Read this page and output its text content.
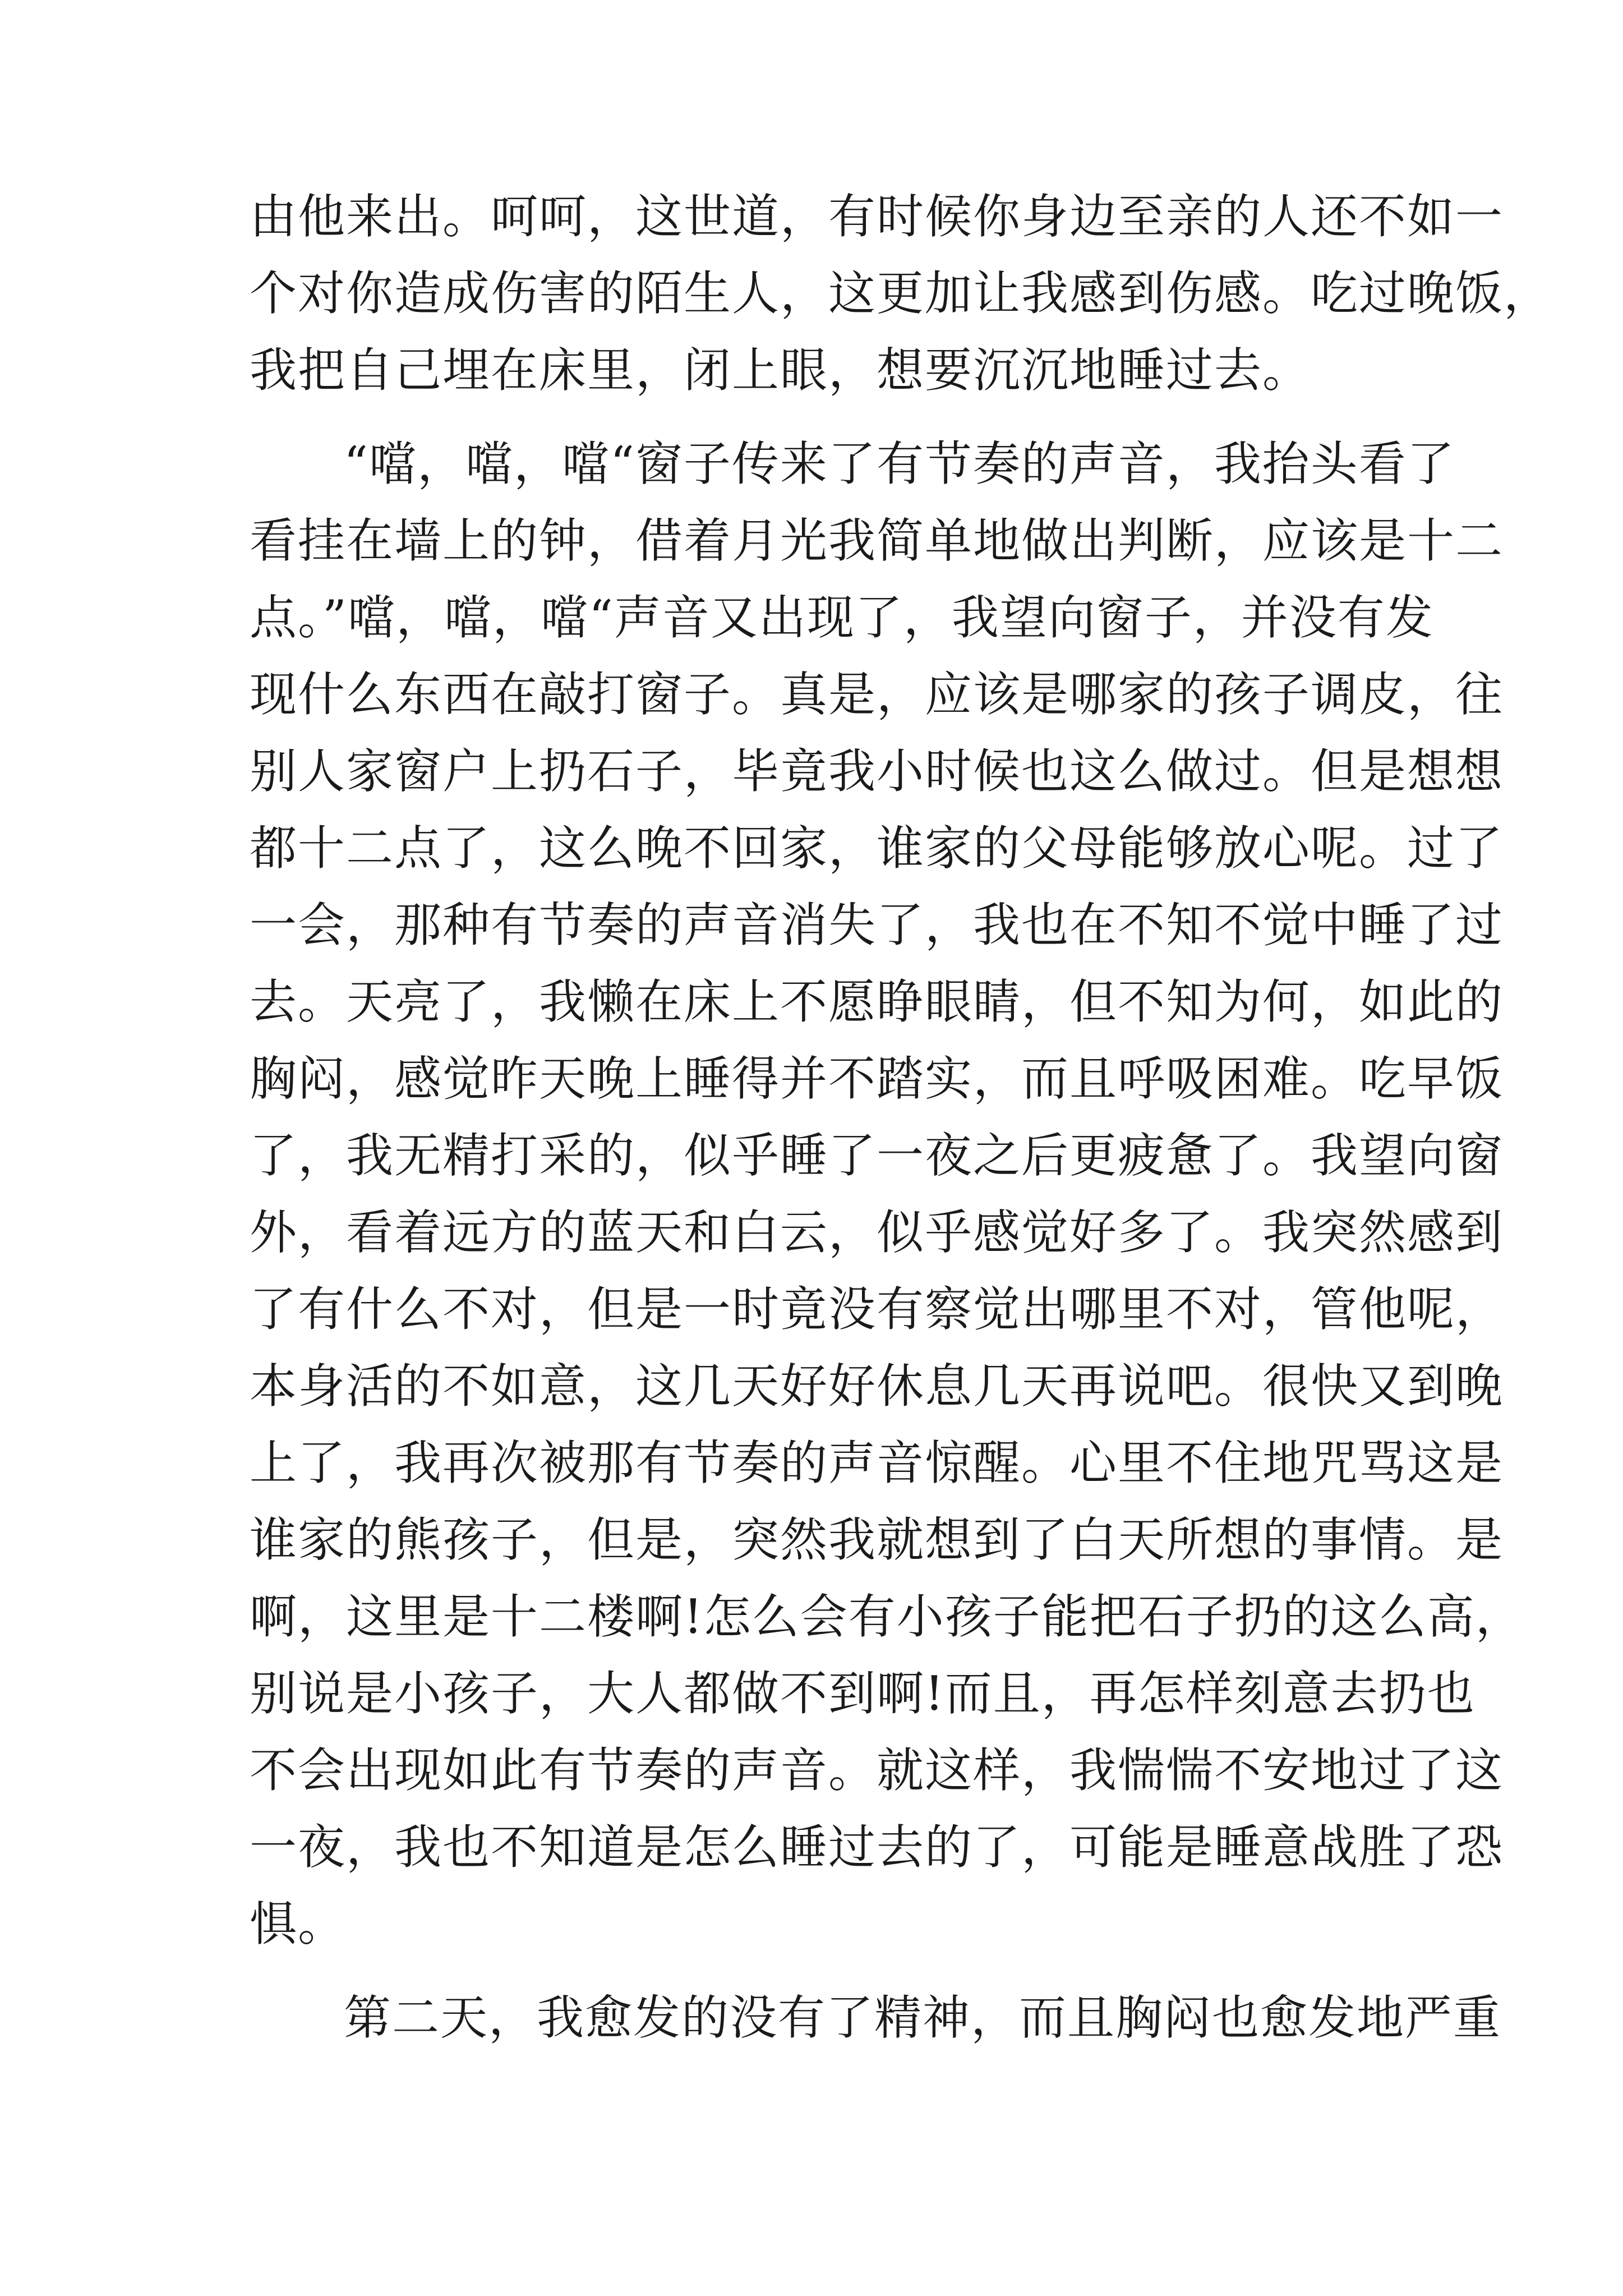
由他来出。呵呵，这世道，有时候你身边至亲的人还不如一
个对你造成伤害的陌生人，这更加让我感到伤感。吃过晚饭，
我把自己埋在床里，闭上眼，想要沉沉地睡过去。
“噹，噹，噹“窗子传来了有节奏的声音，我抬头看了
看挂在墙上的钟，借着月光我简单地做出判断，应该是十二
点。”噹，噹，噹“声音又出现了，我望向窗子，并没有发
现什么东西在敲打窗子。真是，应该是哪家的孩子调皮，往
别人家窗户上扔石子，毕竟我小时候也这么做过。但是想想
都十二点了，这么晚不回家，谁家的父母能够放心呢。过了
一会，那种有节奏的声音消失了，我也在不知不觉中睡了过
去。天亮了，我懒在床上不愿睁眼睛，但不知为何，如此的
胸闷，感觉昨天晚上睡得并不踏实，而且呼吸困难。吃早饭
了，我无精打采的，似乎睡了一夜之后更疲惫了。我望向窗
外，看着远方的蓝天和白云，似乎感觉好多了。我突然感到
了有什么不对，但是一时竟没有察觉出哪里不对，管他呢，
本身活的不如意，这几天好好休息几天再说吧。很快又到晚
上了，我再次被那有节奏的声音惊醒。心里不住地咒骂这是
谁家的熊孩子，但是，突然我就想到了白天所想的事情。是
啊，这里是十二楼啊!怎么会有小孩子能把石子扔的这么高，
别说是小孩子，大人都做不到啊!而且，再怎样刻意去扔也
不会出现如此有节奏的声音。就这样，我惴惴不安地过了这
一夜，我也不知道是怎么睡过去的了，可能是睡意战胜了恐
惧。
第二天，我愈发的没有了精神，而且胸闷也愈发地严重
